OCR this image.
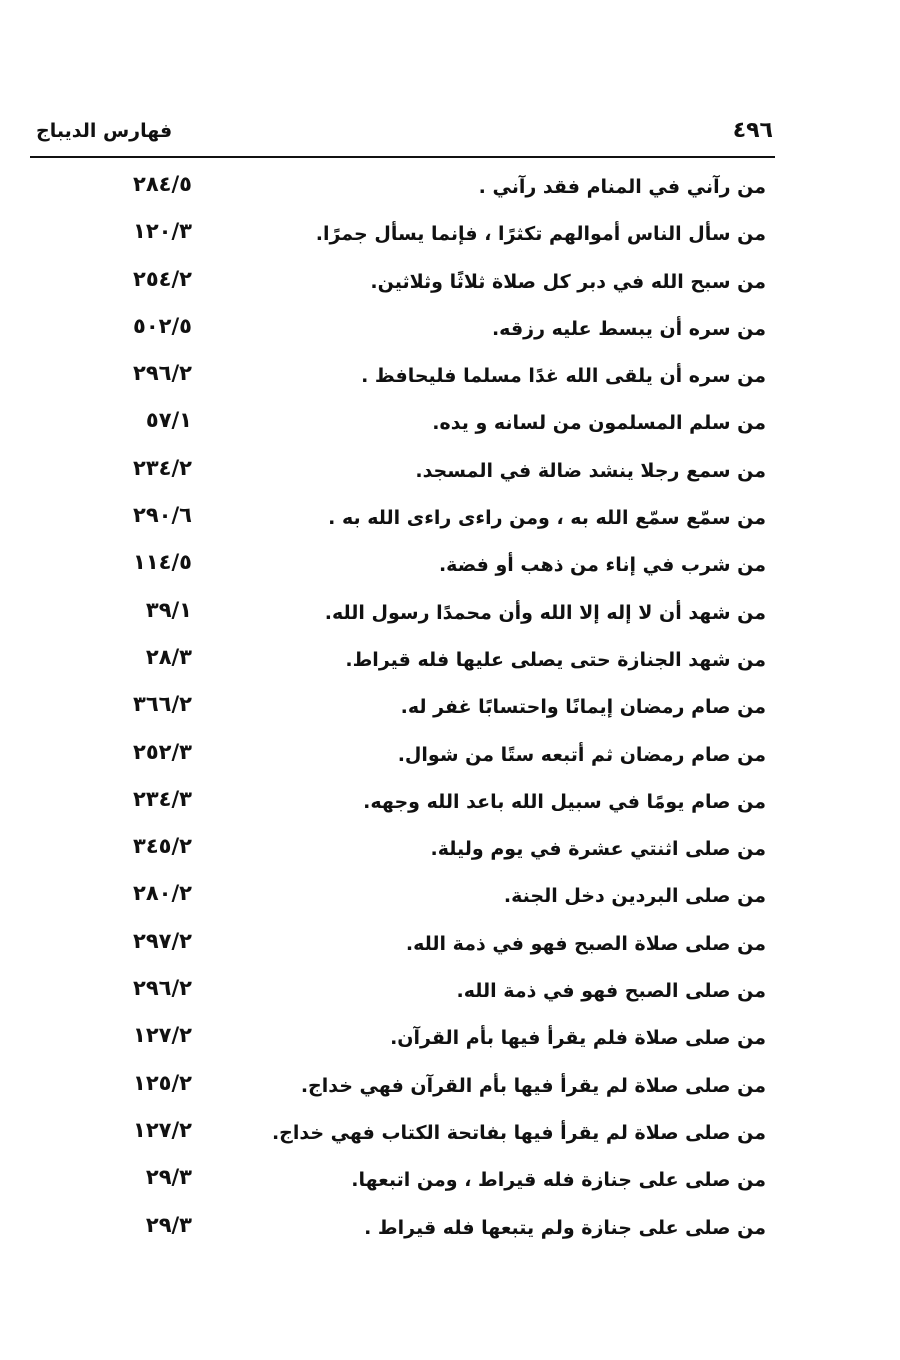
فهارس الديباج	٤٩٦
من رآني في المنام فقد رآني .
٢٨٤/٥
من سأل الناس أموالهم تكثرًا ، فإنما يسأل جمرًا.
١٢٠/٣
من سبح الله في دبر كل صلاة ثلاثًا وثلاثين.
٢٥٤/٢
من سره أن يبسط عليه رزقه.
٥٠٢/٥
من سره أن يلقى الله غدًا مسلما فليحافظ .
٢٩٦/٢
من سلم المسلمون من لسانه و يده.
٥٧/١
من سمع رجلا ينشد ضالة في المسجد.
٢٣٤/٢
من سمّع سمّع الله به ، ومن راءى راءى الله به .
٢٩٠/٦
من شرب في إناء من ذهب أو فضة.
١١٤/٥
من شهد أن لا إله إلا الله وأن محمدًا رسول الله.
٣٩/١
من شهد الجنازة حتى يصلى عليها فله قيراط.
٢٨/٣
من صام رمضان إيمانًا واحتسابًا غفر له.
٣٦٦/٢
من صام رمضان ثم أتبعه ستًا من شوال.
٢٥٢/٣
من صام يومًا في سبيل الله باعد الله وجهه.
٢٣٤/٣
من صلى اثنتي عشرة في يوم وليلة.
٣٤٥/٢
من صلى البردين دخل الجنة.
٢٨٠/٢
من صلى صلاة الصبح فهو في ذمة الله.
٢٩٧/٢
من صلى الصبح فهو في ذمة الله.
٢٩٦/٢
من صلى صلاة فلم يقرأ فيها بأم القرآن.
١٢٧/٢
من صلى صلاة لم يقرأ فيها بأم القرآن فهي خداج.
١٢٥/٢
من صلى صلاة لم يقرأ فيها بفاتحة الكتاب فهي خداج.
١٢٧/٢
من صلى على جنازة فله قيراط ، ومن اتبعها.
٢٩/٣
من صلى على جنازة ولم يتبعها فله قيراط .
٢٩/٣
